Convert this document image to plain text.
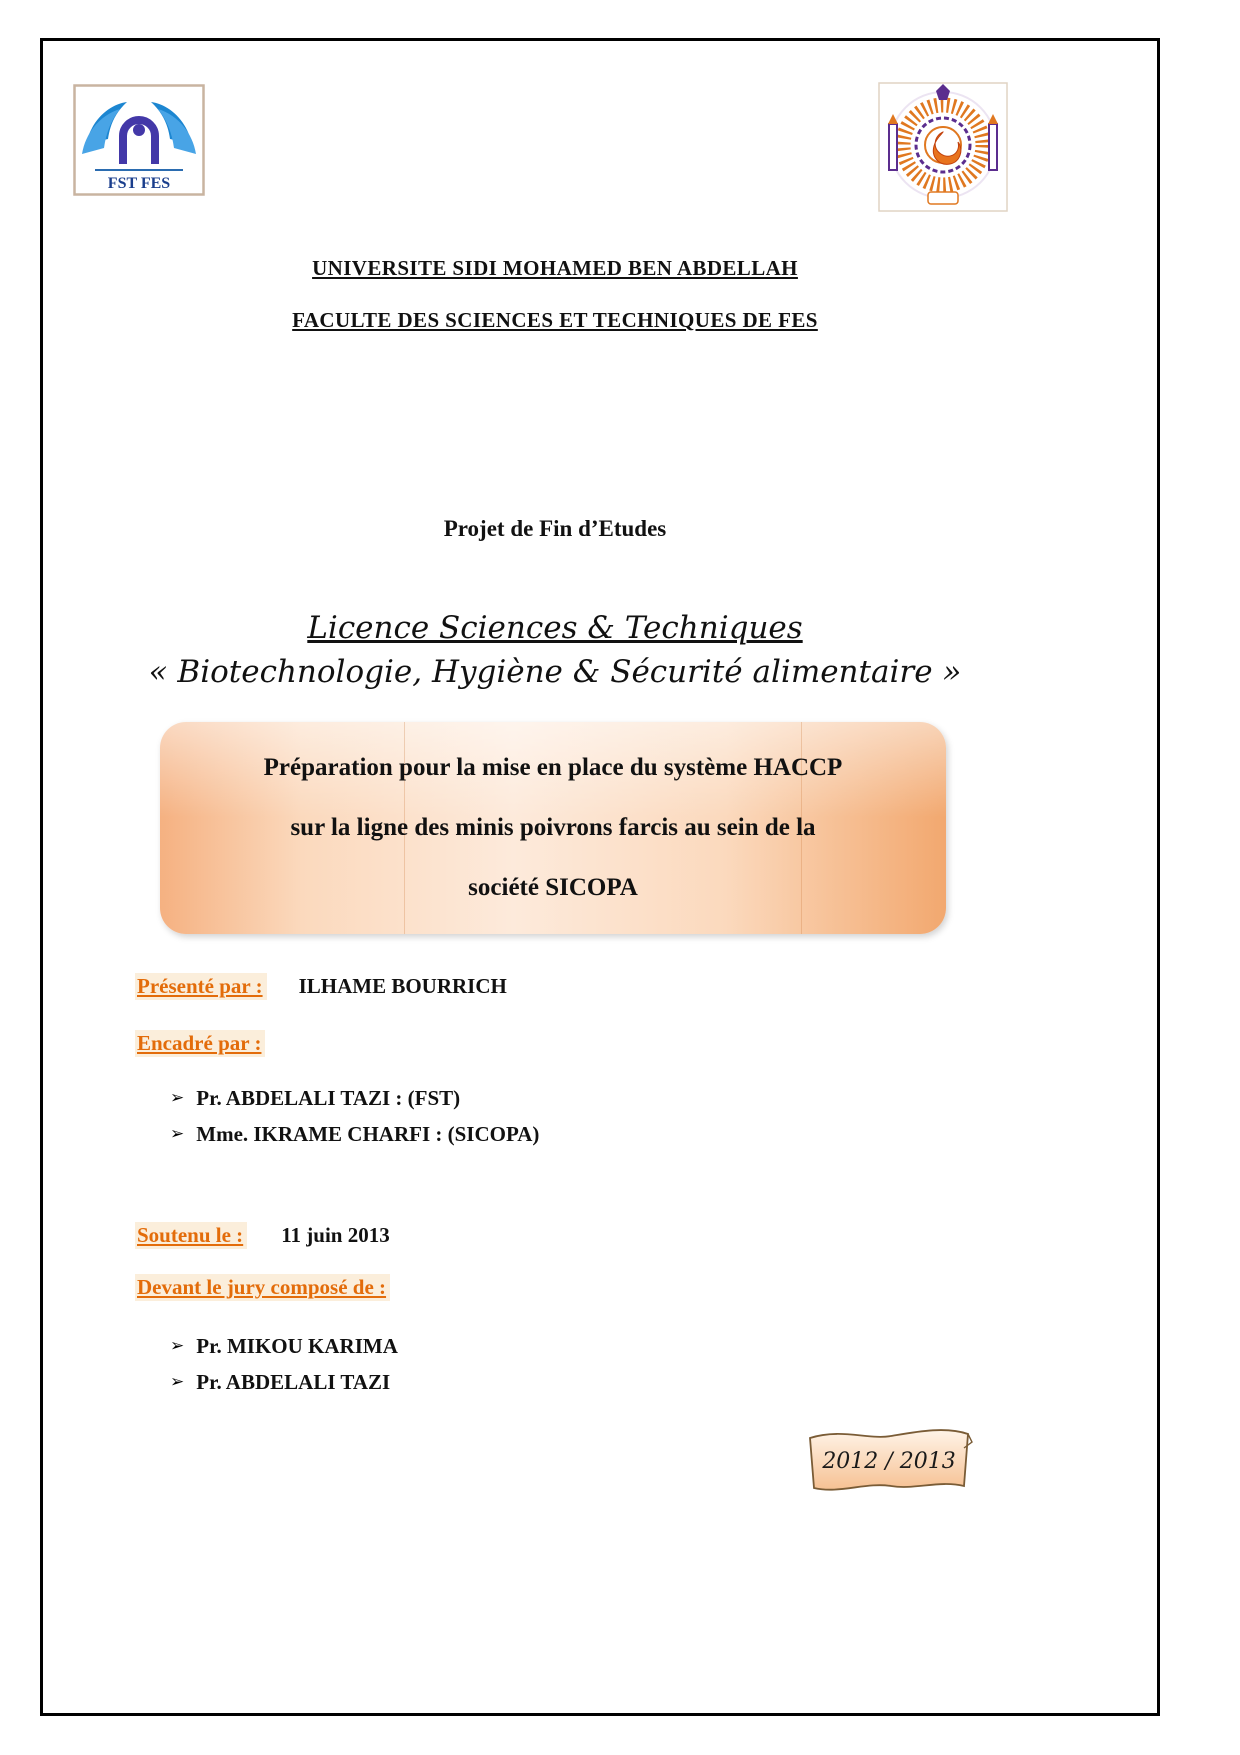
FST FES
UNIVERSITE SIDI MOHAMED BEN ABDELLAH
FACULTE DES SCIENCES ET TECHNIQUES DE FES
Projet de Fin d’Etudes
Licence Sciences & Techniques
« Biotechnologie, Hygiène & Sécurité alimentaire »
Préparation pour la mise en place du système HACCP
sur la ligne des minis poivrons farcis au sein de la
société SICOPA
Présenté par : ILHAME BOURRICH
Encadré par :
➢ Pr. ABDELALI TAZI : (FST)
➢ Mme. IKRAME CHARFI : (SICOPA)
Soutenu le : 11 juin 2013
Devant le jury composé de :
➢ Pr. MIKOU KARIMA
➢ Pr. ABDELALI TAZI
2012 / 2013
